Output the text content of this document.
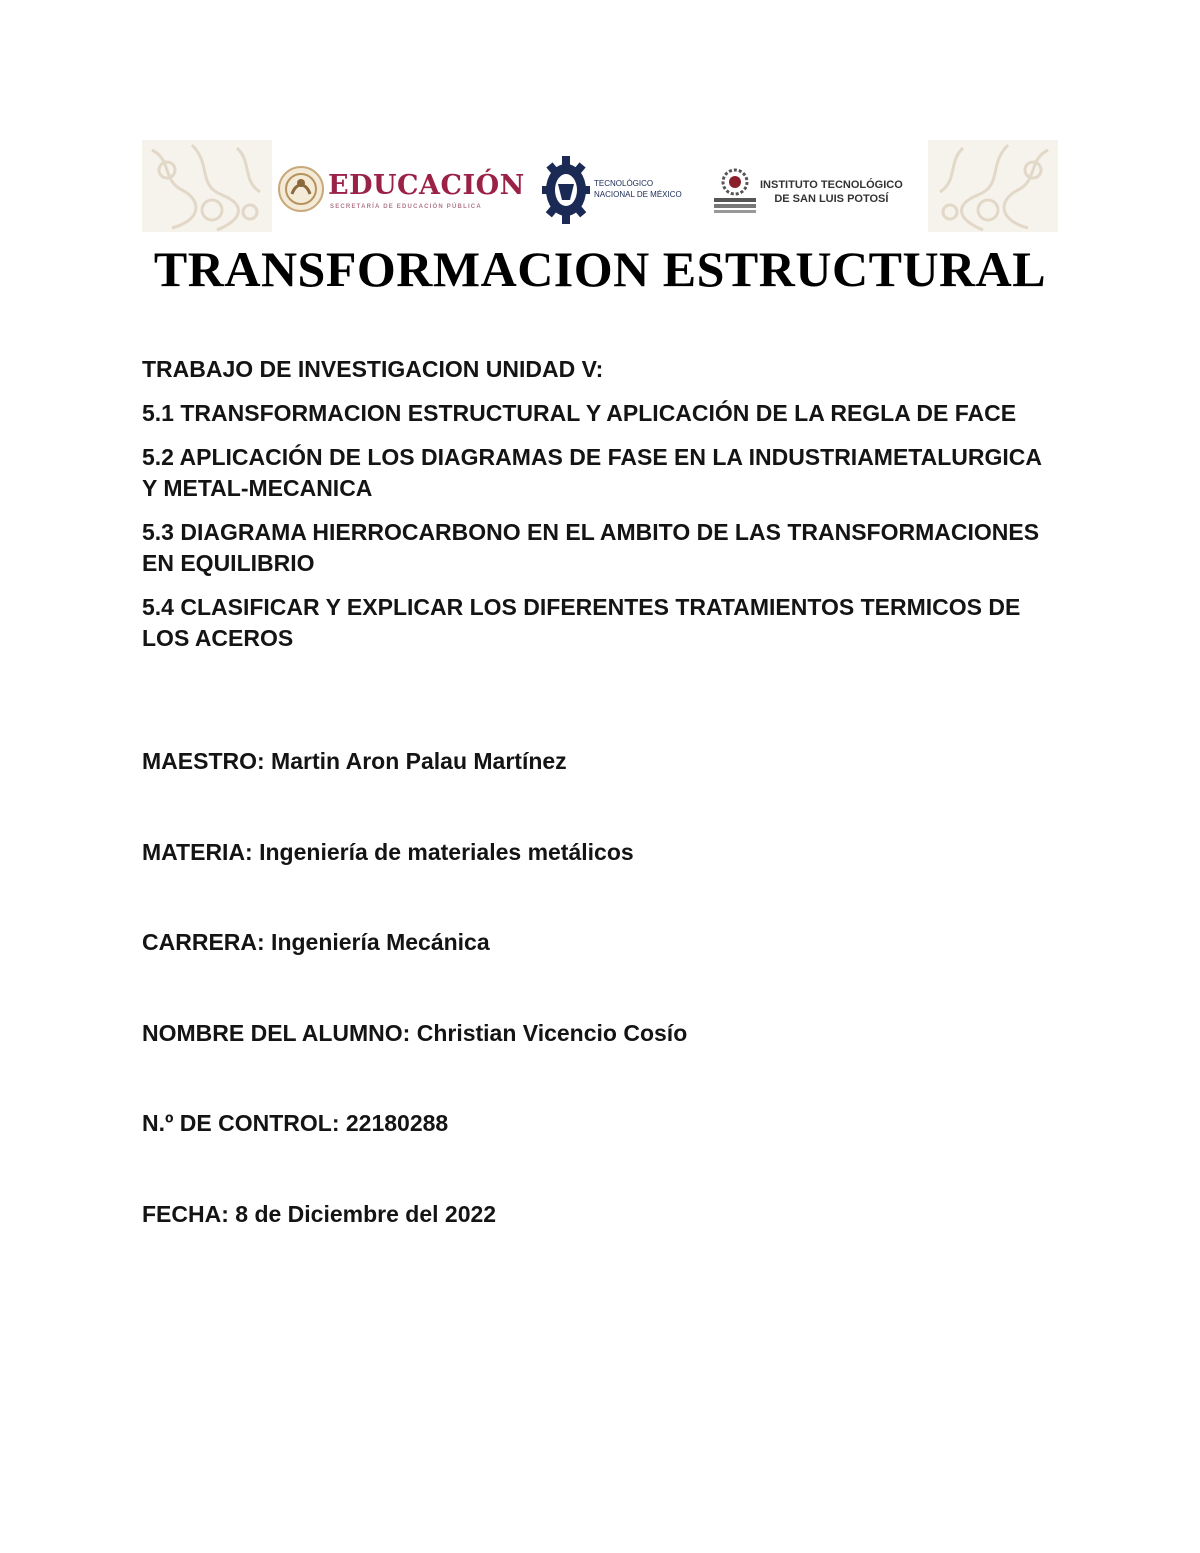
EDUCACIÓN
SECRETARÍA DE EDUCACIÓN PÚBLICA
TECNOLÓGICO
NACIONAL DE MÉXICO
INSTITUTO TECNOLÓGICO
DE SAN LUIS POTOSÍ
TRANSFORMACION ESTRUCTURAL

TRABAJO DE INVESTIGACION UNIDAD V:

5.1 TRANSFORMACION ESTRUCTURAL Y APLICACIÓN DE LA REGLA DE FACE

5.2 APLICACIÓN DE LOS DIAGRAMAS DE FASE EN LA INDUSTRIAMETALURGICA Y METAL-MECANICA

5.3 DIAGRAMA HIERROCARBONO EN EL AMBITO DE LAS TRANSFORMACIONES EN EQUILIBRIO

5.4 CLASIFICAR Y EXPLICAR LOS DIFERENTES TRATAMIENTOS TERMICOS DE LOS ACEROS

MAESTRO: Martin Aron Palau Martínez
MATERIA: Ingeniería de materiales metálicos
CARRERA: Ingeniería Mecánica
NOMBRE DEL ALUMNO: Christian Vicencio Cosío
N.º DE CONTROL: 22180288
FECHA: 8 de Diciembre del 2022
